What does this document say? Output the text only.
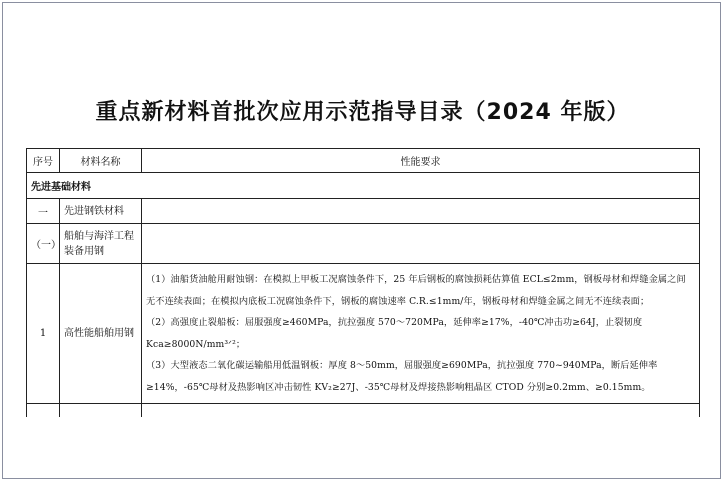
重点新材料首批次应用示范指导目录（2024 年版）
序号	材料名称	性能要求
先进基础材料		
一	先进钢铁材料	
（一）	船舶与海洋工程装备用钢	
1	高性能船舶用钢	（1）油船货油舱用耐蚀钢：在模拟上甲板工况腐蚀条件下，25 年后钢板的腐蚀损耗估算值 ECL≤2mm，钢板母材和焊缝金属之间无不连续表面；在模拟内底板工况腐蚀条件下，钢板的腐蚀速率 C.R.≤1mm/年，钢板母材和焊缝金属之间无不连续表面；

（2）高强度止裂船板：屈服强度≥460MPa，抗拉强度 570～720MPa，延伸率≥17%，-40℃冲击功≥64J，止裂韧度 Kca≥8000N/mm³ᐟ²；

（3）大型液态二氧化碳运输船用低温钢板：厚度 8～50mm，屈服强度≥690MPa，抗拉强度 770~940MPa，断后延伸率≥14%，-65℃母材及热影响区冲击韧性 KV₂≥27J、-35℃母材及焊接热影响粗晶区 CTOD 分别≥0.2mm、≥0.15mm。
